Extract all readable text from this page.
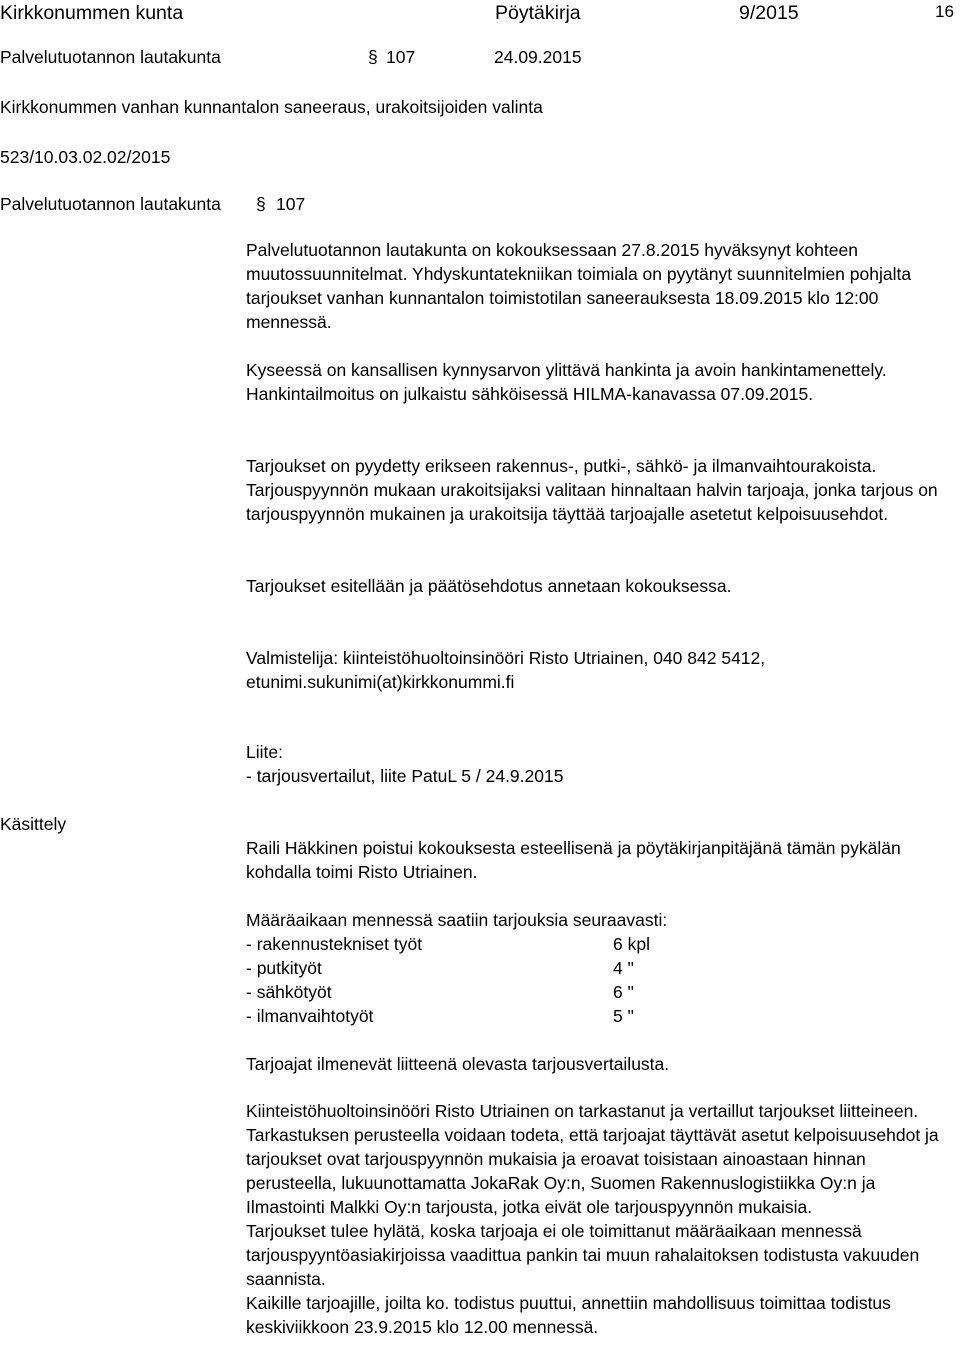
Kirkkonummen kunta	Pöytäkirja	9/2015	16
Palvelutuotannon lautakunta	§ 107	24.09.2015
Kirkkonummen vanhan kunnantalon saneeraus, urakoitsijoiden valinta
523/10.03.02.02/2015
Palvelutuotannon lautakunta § 107

Palvelutuotannon lautakunta on kokouksessaan 27.8.2015 hyväksynyt kohteen muutossuunnitelmat. Yhdyskuntatekniikan toimiala on pyytänyt suunnitelmien pohjalta tarjoukset vanhan kunnantalon toimistotilan saneerauksesta 18.09.2015 klo 12:00 mennessä.

Kyseessä on kansallisen kynnysarvon ylittävä hankinta ja avoin hankintamenettely. Hankintailmoitus on julkaistu sähköisessä HILMA-kanavassa 07.09.2015.

Tarjoukset on pyydetty erikseen rakennus-, putki-, sähkö- ja ilmanvaihtourakoista. Tarjouspyynnön mukaan urakoitsijaksi valitaan hinnaltaan halvin tarjoaja, jonka tarjous on tarjouspyynnön mukainen ja urakoitsija täyttää tarjoajalle asetetut kelpoisuusehdot.

Tarjoukset esitellään ja päätösehdotus annetaan kokouksessa.

Valmistelija: kiinteistöhuoltoinsinööri Risto Utriainen, 040 842 5412,

etunimi.sukunimi(at)kirkkonummi.fi

Liite:

- tarjousvertailut, liite PatuL 5 / 24.9.2015

Käsittely

Raili Häkkinen poistui kokouksesta esteellisenä ja pöytäkirjanpitäjänä tämän pykälän kohdalla toimi Risto Utriainen.

Määräaikaan mennessä saatiin tarjouksia seuraavasti:

- rakennustekniset työt	6 kpl
- putkityöt	4 "
- sähkötyöt	6 "
- ilmanvaihtotyöt	5 "

Tarjoajat ilmenevät liitteenä olevasta tarjousvertailusta.

Kiinteistöhuoltoinsinööri Risto Utriainen on tarkastanut ja vertaillut tarjoukset liitteineen. Tarkastuksen perusteella voidaan todeta, että tarjoajat täyttävät asetut kelpoisuusehdot ja tarjoukset ovat tarjouspyynnön mukaisia ja eroavat toisistaan ainoastaan hinnan perusteella, lukuunottamatta JokaRak Oy:n, Suomen Rakennuslogistiikka Oy:n ja Ilmastointi Malkki Oy:n tarjousta, jotka eivät ole tarjouspyynnön mukaisia.

Tarjoukset tulee hylätä, koska tarjoaja ei ole toimittanut määräaikaan mennessä tarjouspyyntöasiakirjoissa vaadittua pankin tai muun rahalaitoksen todistusta vakuuden saannista.

Kaikille tarjoajille, joilta ko. todistus puuttui, annettiin mahdollisuus toimittaa todistus keskiviikkoon 23.9.2015 klo 12.00 mennessä.
